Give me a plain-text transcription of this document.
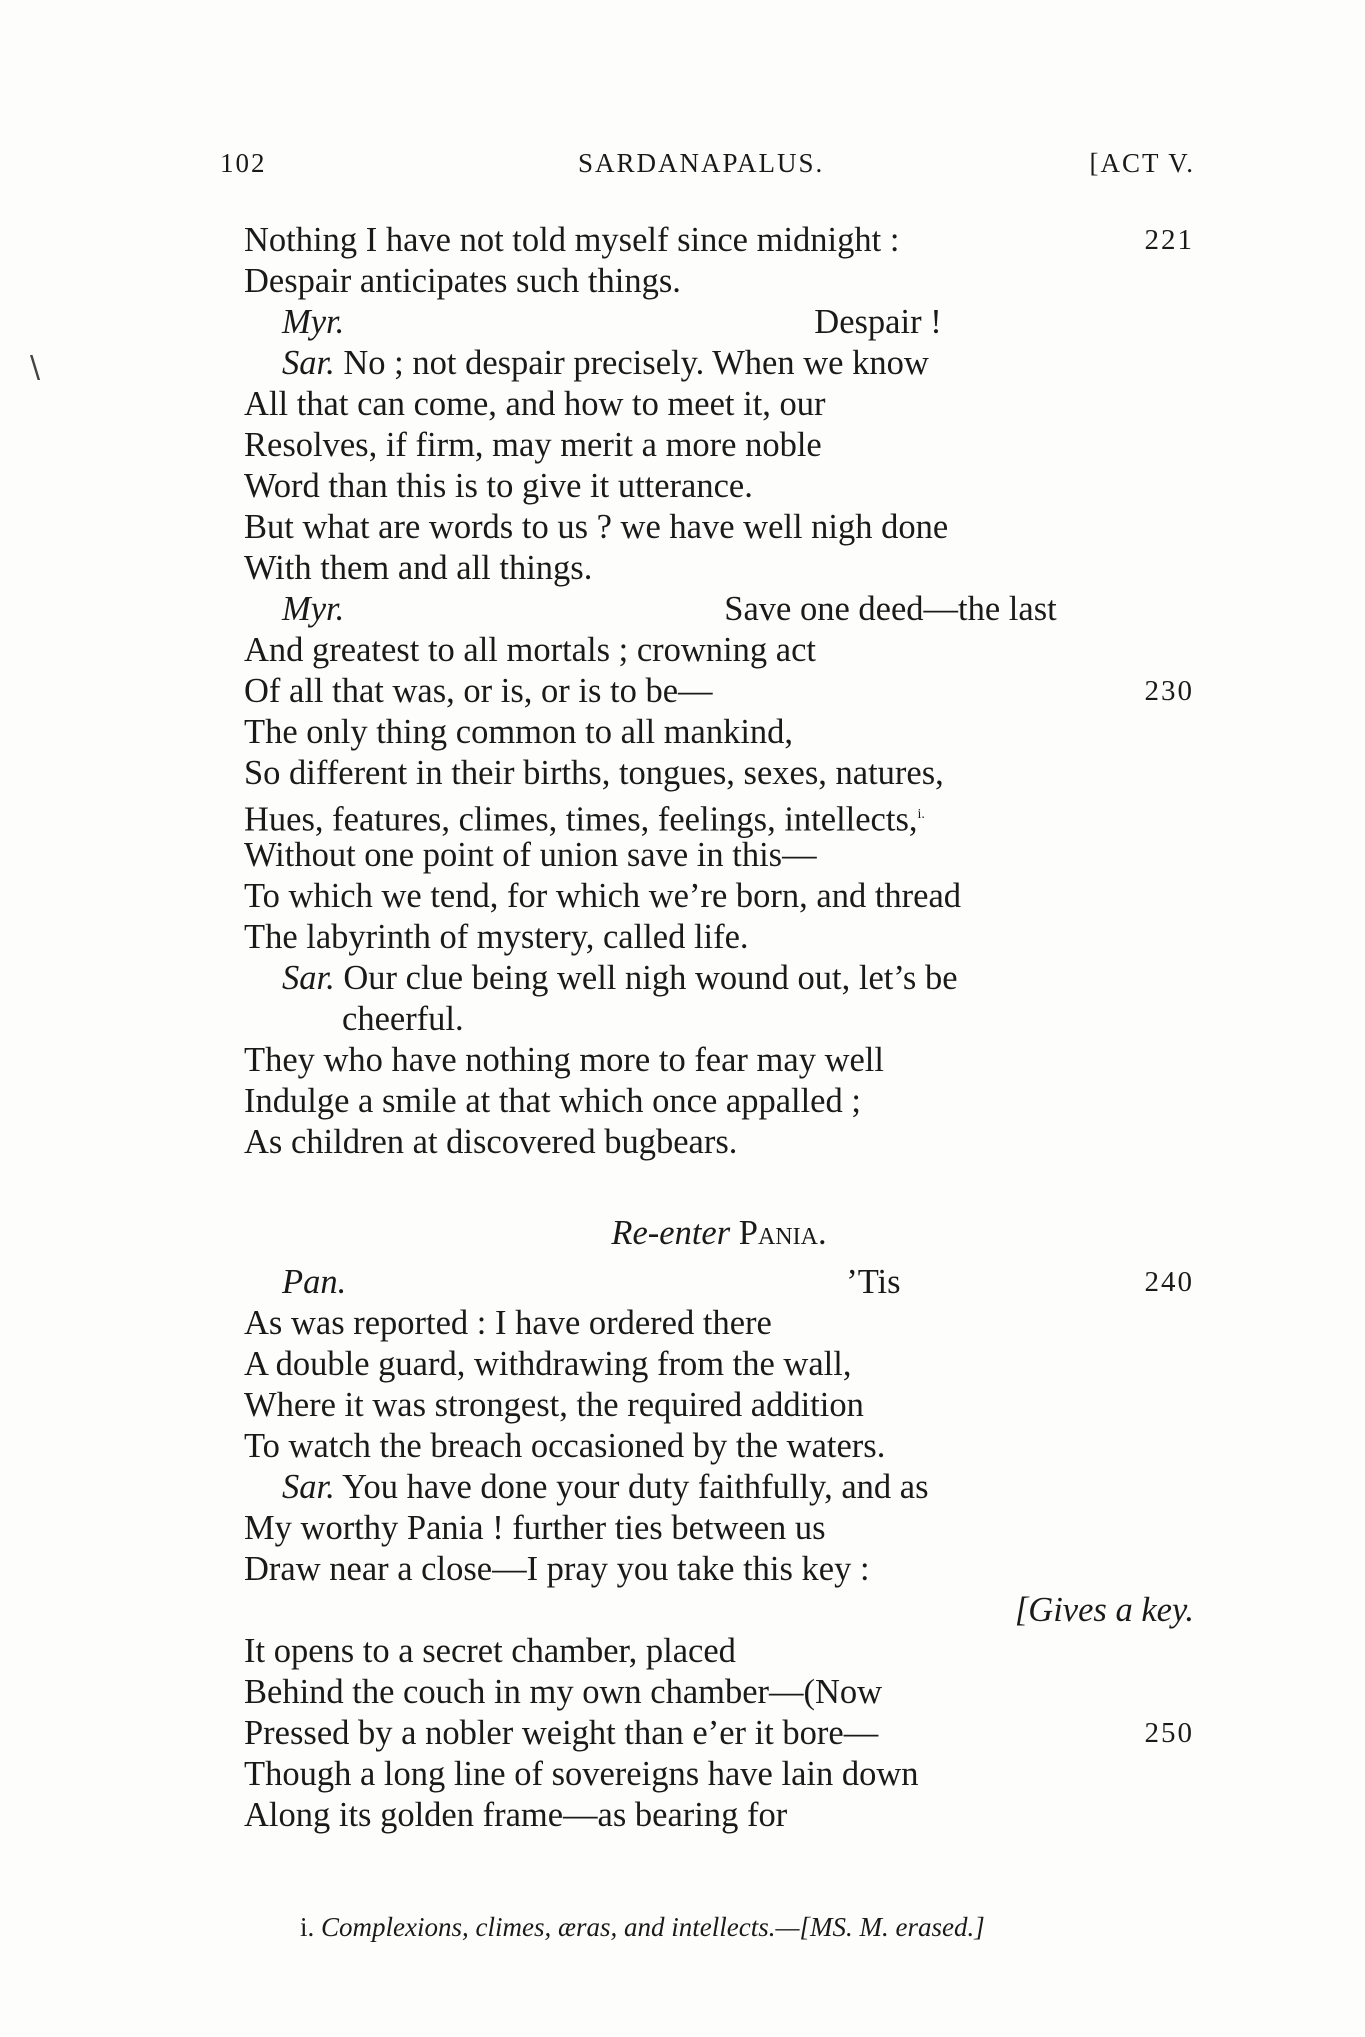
102	SARDANAPALUS.	[ACT V.
\
Nothing I have not told myself since midnight :	221
Despair anticipates such things.
Myr.	Despair !
Sar. No ; not despair precisely. When we know
All that can come, and how to meet it, our
Resolves, if firm, may merit a more noble
Word than this is to give it utterance.
But what are words to us ? we have well nigh done
With them and all things.
Myr.	Save one deed—the last
And greatest to all mortals ; crowning act
Of all that was, or is, or is to be—	230
The only thing common to all mankind,
So different in their births, tongues, sexes, natures,
Hues, features, climes, times, feelings, intellects,$^{i.}$
Without one point of union save in this—
To which we tend, for which we’re born, and thread
The labyrinth of mystery, called life.
Sar. Our clue being well nigh wound out, let’s be
cheerful.
They who have nothing more to fear may well
Indulge a smile at that which once appalled ;
As children at discovered bugbears.
Re-enter Pania.
Pan.	’Tis	240
As was reported : I have ordered there
A double guard, withdrawing from the wall,
Where it was strongest, the required addition
To watch the breach occasioned by the waters.
Sar. You have done your duty faithfully, and as
My worthy Pania ! further ties between us
Draw near a close—I pray you take this key :
[Gives a key.
It opens to a secret chamber, placed
Behind the couch in my own chamber—(Now
Pressed by a nobler weight than e’er it bore—	250
Though a long line of sovereigns have lain down
Along its golden frame—as bearing for
i. Complexions, climes, æras, and intellects.—[MS. M. erased.]
